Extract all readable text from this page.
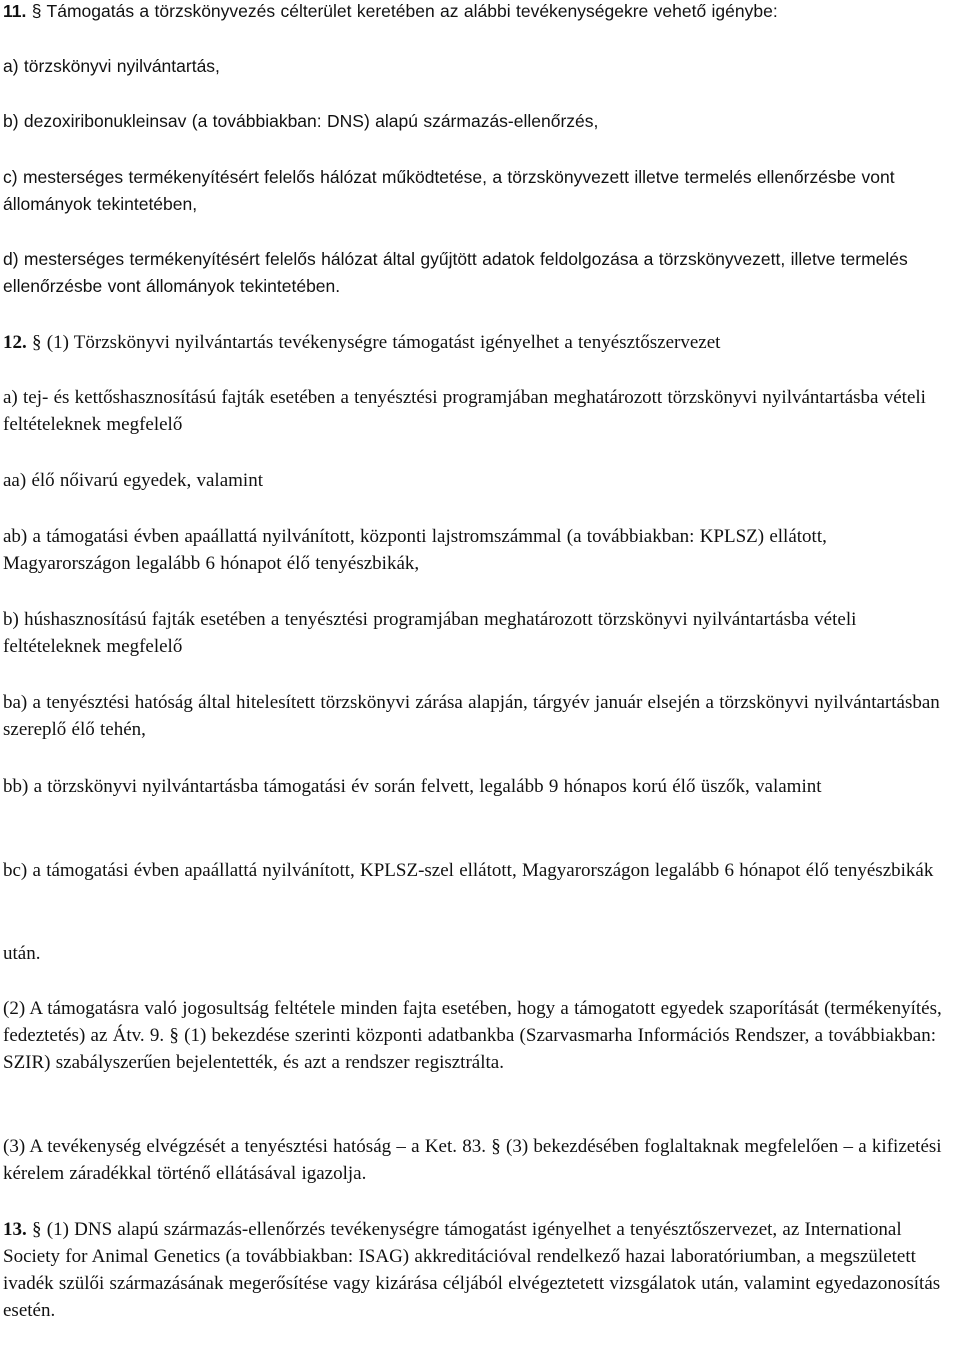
11. § Támogatás a törzskönyvezés célterület keretében az alábbi tevékenységekre vehető igénybe:

a) törzskönyvi nyilvántartás,

b) dezoxiribonukleinsav (a továbbiakban: DNS) alapú származás-ellenőrzés,

c) mesterséges termékenyítésért felelős hálózat működtetése, a törzskönyvezett illetve termelés ellenőrzésbe vont állományok tekintetében,

d) mesterséges termékenyítésért felelős hálózat által gyűjtött adatok feldolgozása a törzskönyvezett, illetve termelés ellenőrzésbe vont állományok tekintetében.

12. § (1) Törzskönyvi nyilvántartás tevékenységre támogatást igényelhet a tenyésztőszervezet

a) tej- és kettőshasznosítású fajták esetében a tenyésztési programjában meghatározott törzskönyvi nyilvántartásba vételi feltételeknek megfelelő

aa) élő nőivarú egyedek, valamint

ab) a támogatási évben apaállattá nyilvánított, központi lajstromszámmal (a továbbiakban: KPLSZ) ellátott, Magyarországon legalább 6 hónapot élő tenyészbikák,

b) húshasznosítású fajták esetében a tenyésztési programjában meghatározott törzskönyvi nyilvántartásba vételi feltételeknek megfelelő

ba) a tenyésztési hatóság által hitelesített törzskönyvi zárása alapján, tárgyév január elsején a törzskönyvi nyilvántartásban szereplő élő tehén,

bb) a törzskönyvi nyilvántartásba támogatási év során felvett, legalább 9 hónapos korú élő üszők, valamint

bc) a támogatási évben apaállattá nyilvánított, KPLSZ-szel ellátott, Magyarországon legalább 6 hónapot élő tenyészbikák

után.

(2) A támogatásra való jogosultság feltétele minden fajta esetében, hogy a támogatott egyedek szaporítását (termékenyítés, fedeztetés) az Átv. 9. § (1) bekezdése szerinti központi adatbankba (Szarvasmarha Információs Rendszer, a továbbiakban: SZIR) szabályszerűen bejelentették, és azt a rendszer regisztrálta.

(3) A tevékenység elvégzését a tenyésztési hatóság – a Ket. 83. § (3) bekezdésében foglaltaknak megfelelően – a kifizetési kérelem záradékkal történő ellátásával igazolja.

13. § (1) DNS alapú származás-ellenőrzés tevékenységre támogatást igényelhet a tenyésztőszervezet, az International Society for Animal Genetics (a továbbiakban: ISAG) akkreditációval rendelkező hazai laboratóriumban, a megszületett ivadék szülői származásának megerősítése vagy kizárása céljából elvégeztetett vizsgálatok után, valamint egyedazonosítás esetén.
